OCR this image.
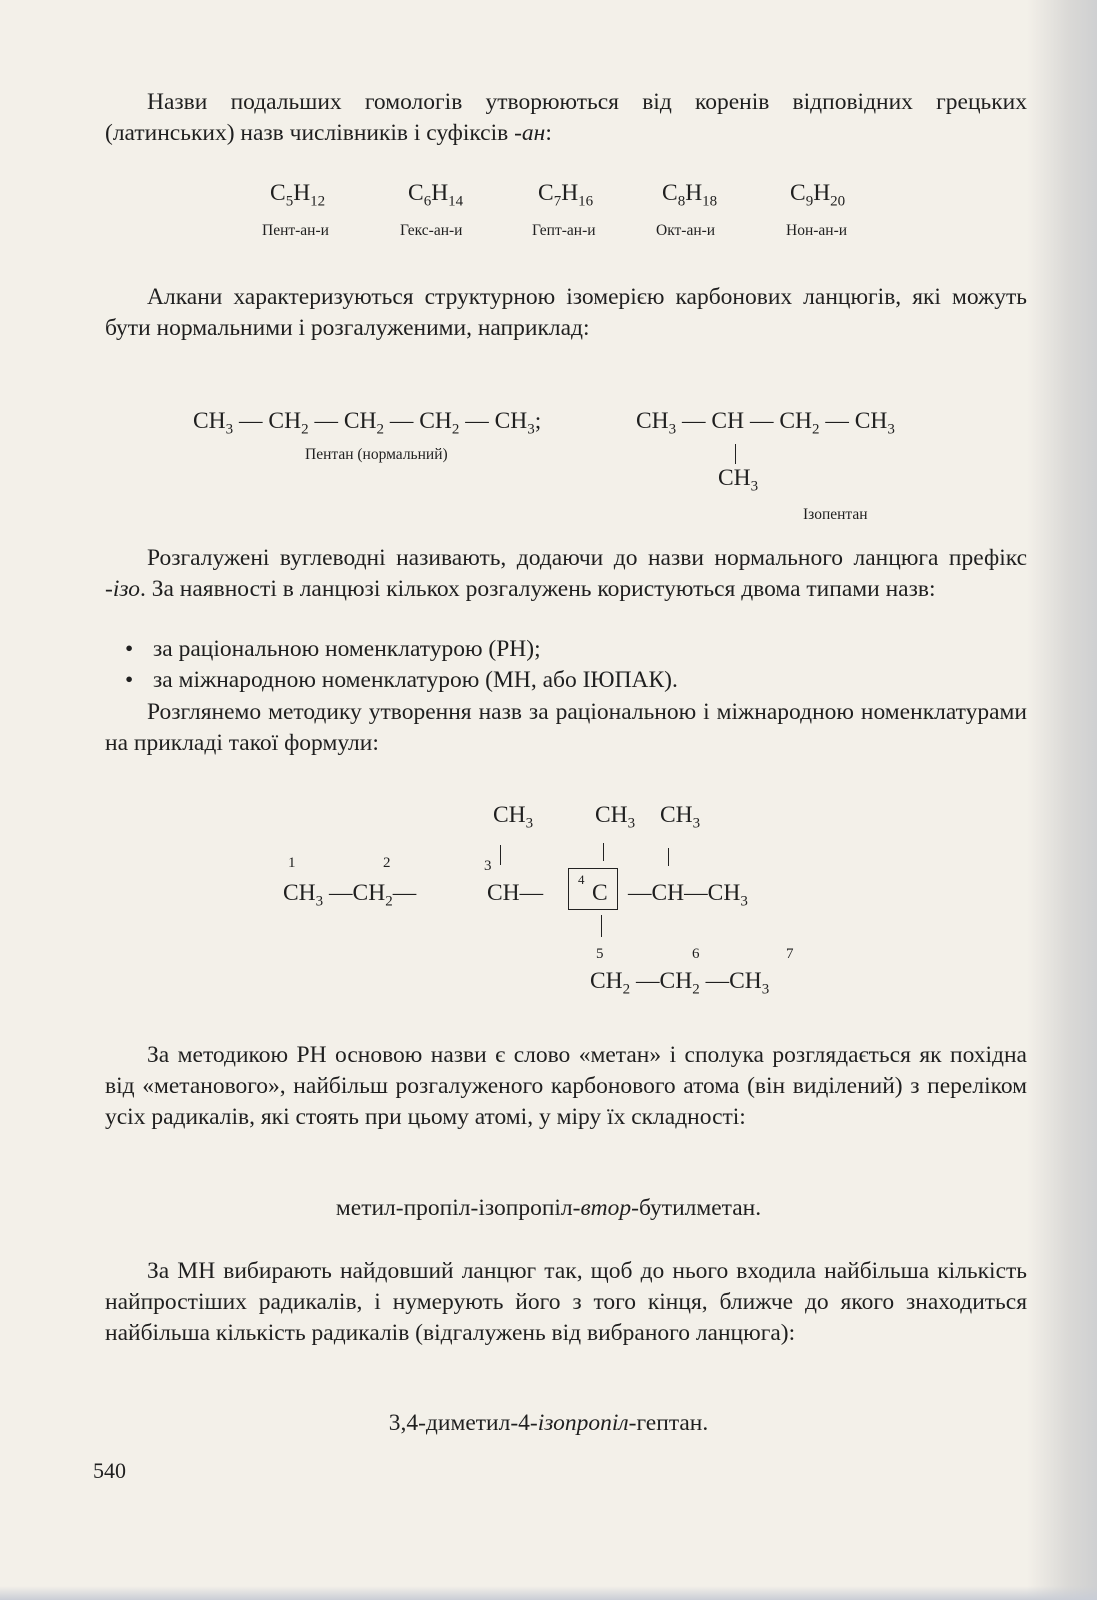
Назви подальших гомологів утворюються від коренів відповідних грецьких (латинських) назв числівників і суфіксів -ан:

$C_5H_{12}$	$C_6H_{14}$	$C_7H_{16}$	$C_8H_{18}$	$C_9H_{20}$
Пент-ан-и	Гекс-ан-и	Гепт-ан-и	Окт-ан-и	Нон-ан-и

Алкани характеризуються структурною ізомерією карбонових ланцюгів, які можуть бути нормальними і розгалуженими, наприклад:

$CH_3$ — $CH_2$ — $CH_2$ — $CH_2$ — $CH_3$;	$CH_3$ — CH — $CH_2$ — $CH_3$
Пентан (нормальний)
$CH_3$
Ізопентан

Розгалужені вуглеводні називають, додаючи до назви нормального ланцюга префікс -ізо. За наявності в ланцюзі кількох розгалужень користуються двома типами назв:

• за раціональною номенклатурою (РН);

• за міжнародною номенклатурою (МН, або ІЮПАК).

Розглянемо методику утворення назв за раціональною і міжнародною номенклатурами на прикладі такої формули:

$CH_3$	$CH_3$ $CH_3$
1	2	3
$CH_3$ $—CH_2—$	CH—
4
C $—CH—CH_3$
5	6	7
$CH_2$ $—CH_2$ $—CH_3$

За методикою РН основою назви є слово «метан» і сполука розглядається як похідна від «метанового», найбільш розгалуженого карбонового атома (він виділений) з переліком усіх радикалів, які стоять при цьому атомі, у міру їх складності:

метил-пропіл-ізопропіл-втор-бутилметан.

За МН вибирають найдовший ланцюг так, щоб до нього входила найбільша кількість найпростіших радикалів, і нумерують його з того кінця, ближче до якого знаходиться найбільша кількість радикалів (відгалужень від вибраного ланцюга):

3,4-диметил-4-ізопропіл-гептан.

540
